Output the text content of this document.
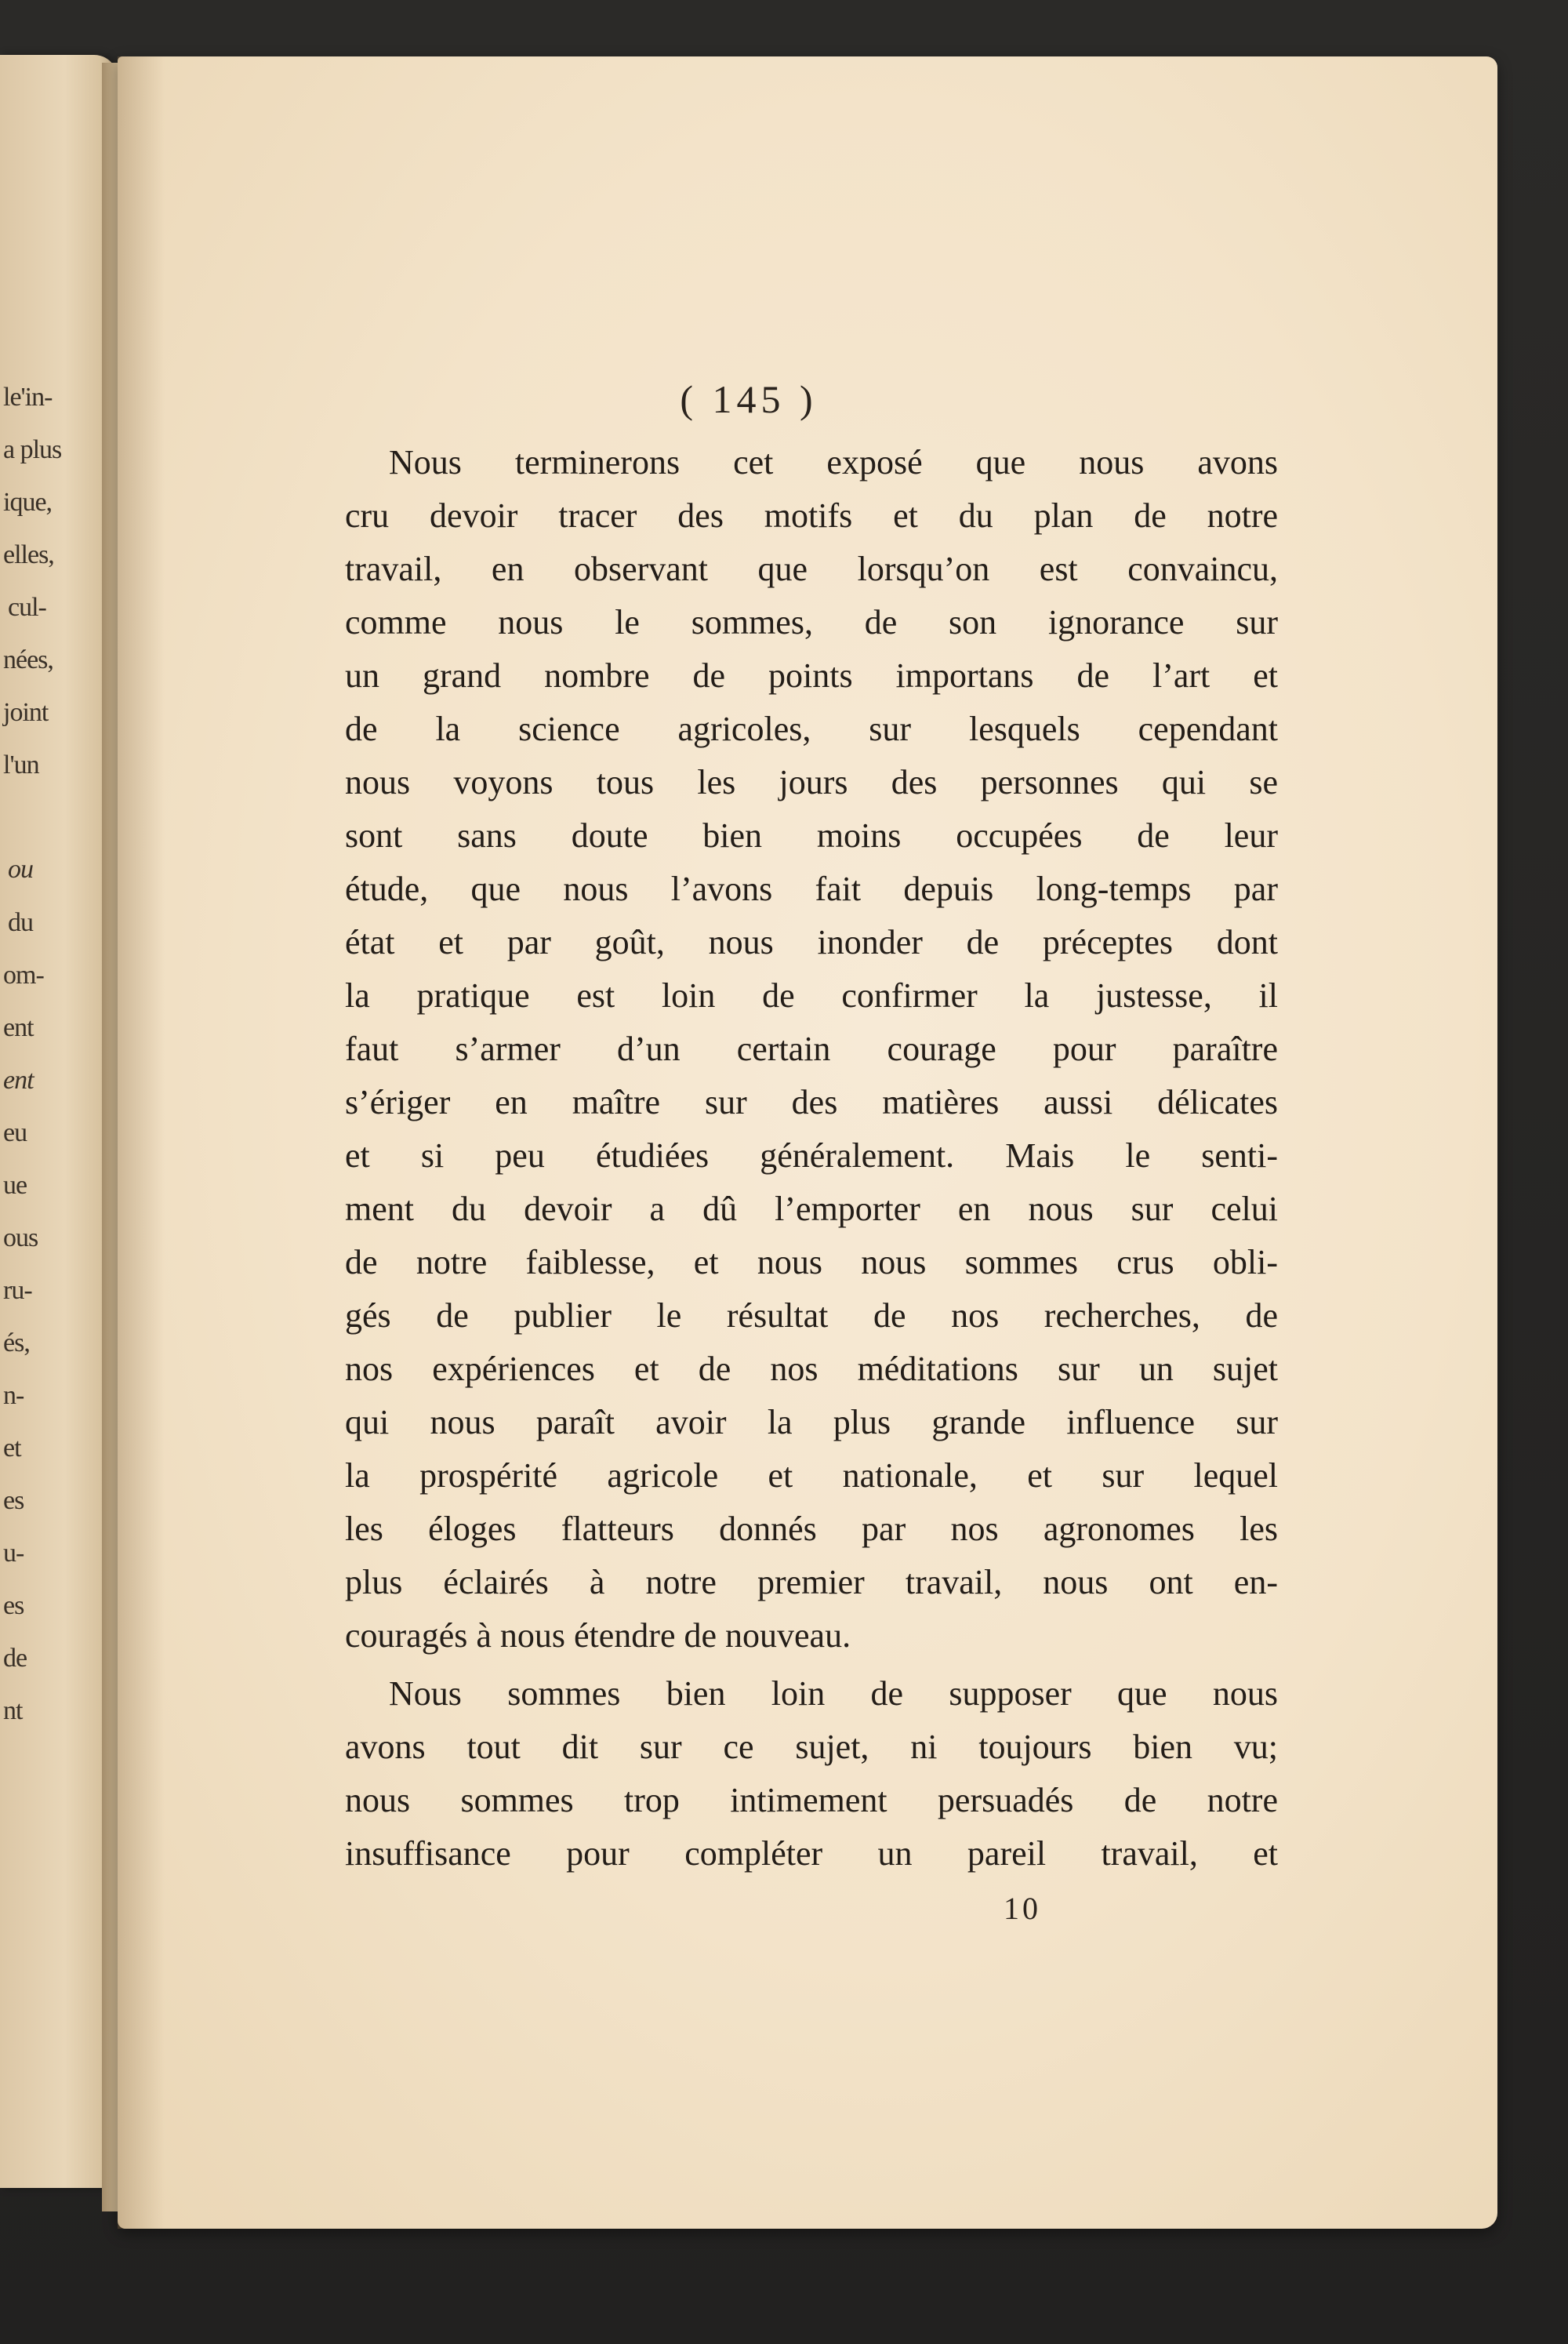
le'in-
a plus
ique,
elles,
cul-
nées,
joint
l'un
ou
du
om-
ent
ent
eu
ue
ous
ru-
és,
n-
et
es
u-
es
de
nt
( 145 )
Nous terminerons cet exposé que nous avons
cru devoir tracer des motifs et du plan de notre
travail, en observant que lorsqu’on est convaincu,
comme nous le sommes, de son ignorance sur
un grand nombre de points importans de l’art et
de la science agricoles, sur lesquels cependant
nous voyons tous les jours des personnes qui se
sont sans doute bien moins occupées de leur
étude, que nous l’avons fait depuis long-temps par
état et par goût, nous inonder de préceptes dont
la pratique est loin de confirmer la justesse, il
faut s’armer d’un certain courage pour paraître
s’ériger en maître sur des matières aussi délicates
et si peu étudiées généralement. Mais le senti-
ment du devoir a dû l’emporter en nous sur celui
de notre faiblesse, et nous nous sommes crus obli-
gés de publier le résultat de nos recherches, de
nos expériences et de nos méditations sur un sujet
qui nous paraît avoir la plus grande influence sur
la prospérité agricole et nationale, et sur lequel
les éloges flatteurs donnés par nos agronomes les
plus éclairés à notre premier travail, nous ont en-
couragés à nous étendre de nouveau.
Nous sommes bien loin de supposer que nous
avons tout dit sur ce sujet, ni toujours bien vu;
nous sommes trop intimement persuadés de notre
insuffisance pour compléter un pareil travail, et
10
